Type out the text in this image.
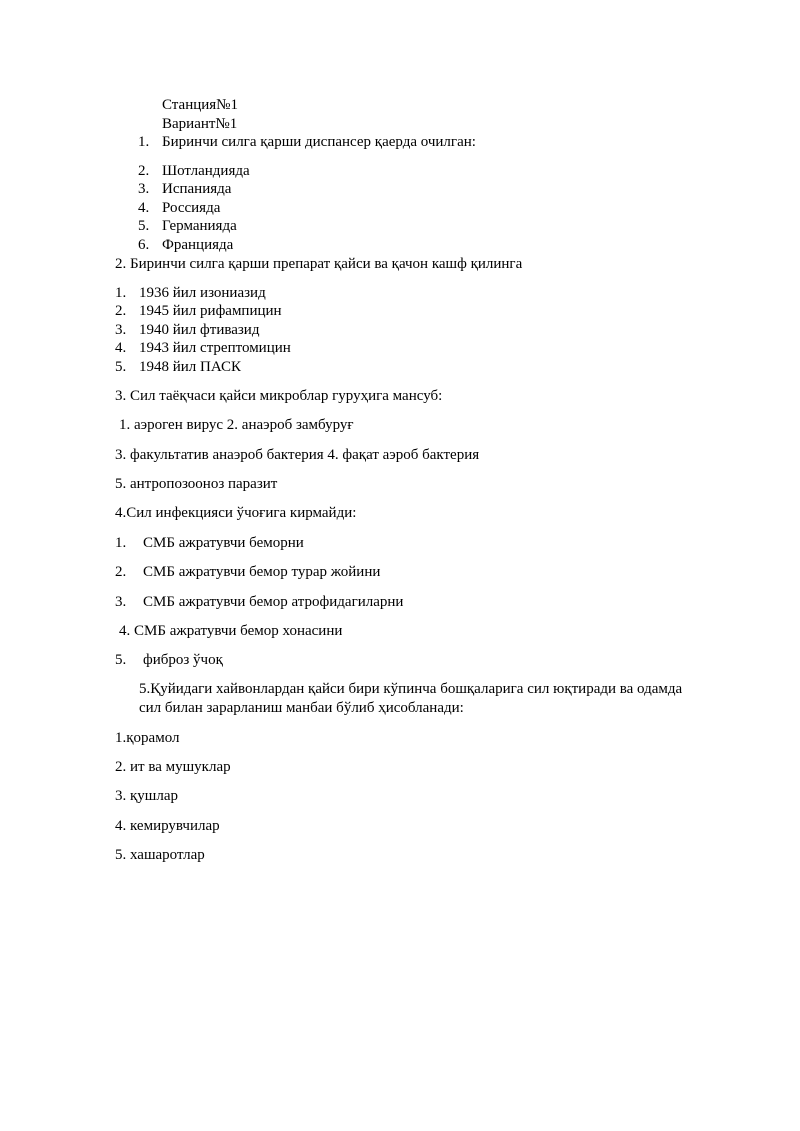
Станция№1
Вариант№1
1. Биринчи силга қарши диспансер қаерда очилган:
2. Шотландияда
3. Испанияда
4. Россияда
5. Германияда
6. Францияда
2. Биринчи силга қарши препарат қайси ва қачон кашф қилинга
1. 1936 йил изониазид
2. 1945 йил рифампицин
3. 1940 йил фтивазид
4. 1943 йил стрептомицин
5. 1948 йил ПАСК
3. Сил таёқчаси қайси микроблар гуруҳига мансуб:
1. аэроген вирус 2. анаэроб замбуруғ
3. факультатив анаэроб бактерия 4. фақат аэроб бактерия
5. антропозооноз паразит
4.Сил инфекцияси ўчоғига кирмайди:
1. СМБ ажратувчи беморни
2. СМБ ажратувчи бемор турар жойини
3. СМБ ажратувчи бемор атрофидагиларни
4. СМБ ажратувчи бемор хонасини
5. фиброз ўчоқ
5.Қуйидаги хайвонлардан қайси бири кўпинча бошқаларига сил юқтиради ва одамда
сил билан зарарланиш манбаи бўлиб ҳисобланади:
1.қорамол
2. ит ва мушуклар
3. қушлар
4. кемирувчилар
5. хашаротлар
